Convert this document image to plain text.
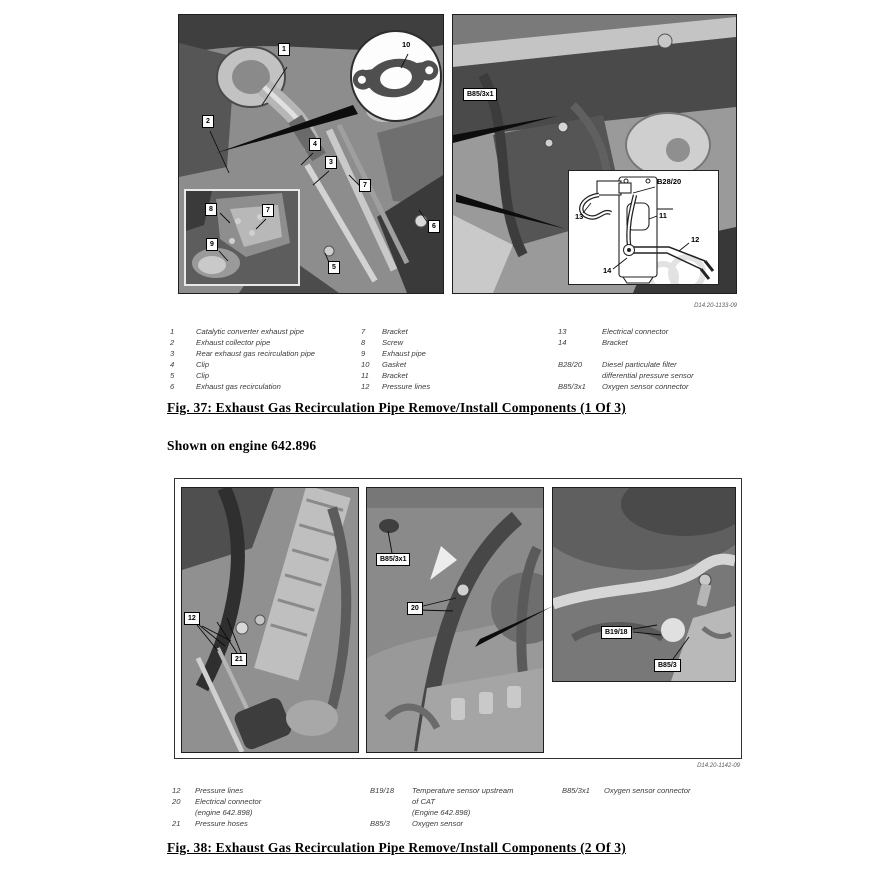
10
8	7
9
1
2
4
3
7
6
5
B28/20
13	11
12
14
B85/3x1
D14.20-1133-09
1	Catalytic converter exhaust pipe
2	Exhaust collector pipe
3	Rear exhaust gas recirculation pipe
4	Clip
5	Clip
6	Exhaust gas recirculation
7	Bracket
8	Screw
9	Exhaust pipe
10	Gasket
11	Bracket
12	Pressure lines
13	Electrical connector
14	Bracket
B28/20	Diesel particulate filter
differential pressure sensor
B85/3x1	Oxygen sensor connector
Fig. 37: Exhaust Gas Recirculation Pipe Remove/Install Components (1 Of 3)
Shown on engine 642.896
12
21
B85/3x1
20
B19/18
B85/3
D14.20-1142-09
12	Pressure lines
20	Electrical connector
(engine 642.898)
21	Pressure hoses
B19/18	Temperature sensor upstream
of CAT
(Engine 642.898)
B85/3	Oxygen sensor
B85/3x1	Oxygen sensor connector
Fig. 38: Exhaust Gas Recirculation Pipe Remove/Install Components (2 Of 3)
